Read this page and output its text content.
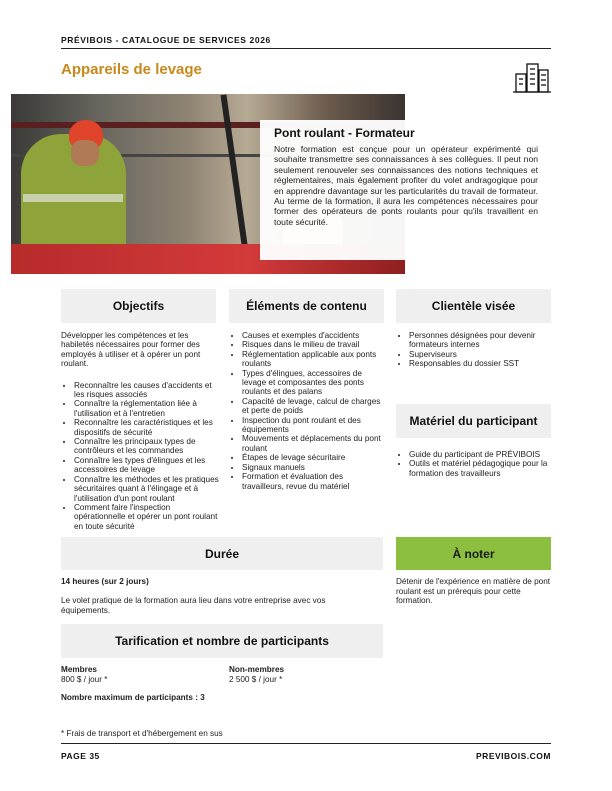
PRÉVIBOIS - CATALOGUE DE SERVICES 2026
Appareils de levage
Pont roulant - Formateur

Notre formation est conçue pour un opérateur expérimenté qui souhaite transmettre ses connaissances à ses collègues. Il peut non seulement renouveler ses connaissances des notions techniques et réglementaires, mais également profiter du volet andragogique pour en apprendre davantage sur les particularités du travail de formateur. Au terme de la formation, il aura les compétences nécessaires pour former des opérateurs de ponts roulants pour qu'ils travaillent en toute sécurité.

Objectifs

Développer les compétences et les habiletés nécessaires pour former des employés à utiliser et à opérer un pont roulant.

• Reconnaître les causes d'accidents et les risques associés
• Connaître la réglementation liée à l'utilisation et à l'entretien
• Reconnaître les caractéristiques et les dispositifs de sécurité
• Connaître les principaux types de contrôleurs et les commandes
• Connaître les types d'élingues et les accessoires de levage
• Connaître les méthodes et les pratiques sécuritaires quant à l'élingage et à l'utilisation d'un pont roulant
• Comment faire l'inspection opérationnelle et opérer un pont roulant en toute sécurité
Éléments de contenu
• Causes et exemples d'accidents
• Risques dans le milieu de travail
• Réglementation applicable aux ponts roulants
• Types d'élingues, accessoires de levage et composantes des ponts roulants et des palans
• Capacité de levage, calcul de charges et perte de poids
• Inspection du pont roulant et des équipements
• Mouvements et déplacements du pont roulant
• Étapes de levage sécuritaire
• Signaux manuels
• Formation et évaluation des travailleurs, revue du matériel
Clientèle visée
• Personnes désignées pour devenir formateurs internes
• Superviseurs
• Responsables du dossier SST
Matériel du participant
• Guide du participant de PRÉVIBOIS
• Outils et matériel pédagogique pour la formation des travailleurs
Durée
14 heures (sur 2 jours)
Le volet pratique de la formation aura lieu dans votre entreprise avec vos équipements.
À noter
Détenir de l'expérience en matière de pont roulant est un prérequis pour cette formation.
Tarification et nombre de participants
Membres
800 $ / jour *
Non-membres
2 500 $ / jour *
Nombre maximum de participants : 3
* Frais de transport et d'hébergement en sus
PAGE 35	PREVIBOIS.COM
